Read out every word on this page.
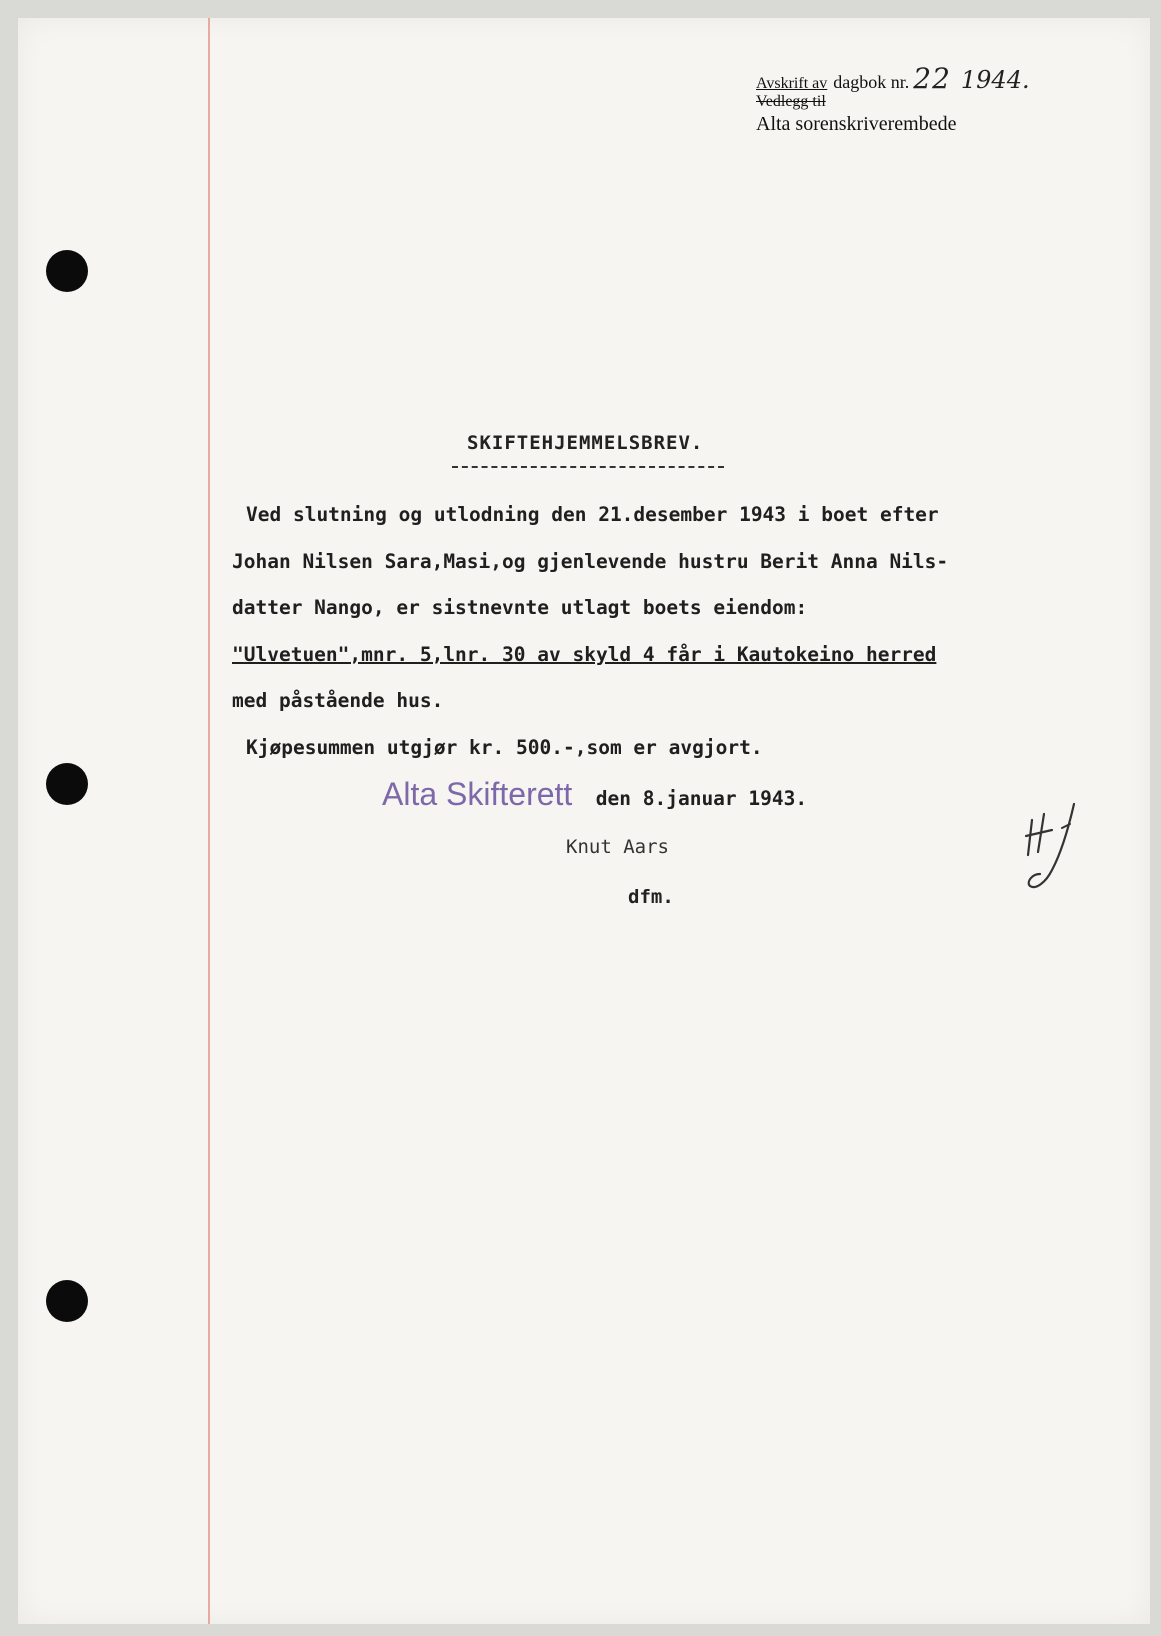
Avskrift av
Vedlegg til
dagbok nr. 22 1944.
Alta sorenskriverembede
SKIFTEHJEMMELSBREV.
Ved slutning og utlodning den 21.desember 1943 i boet efter
Johan Nilsen Sara,Masi,og gjenlevende hustru Berit Anna Nils-
datter Nango, er sistnevnte utlagt boets eiendom:
"Ulvetuen",mnr. 5,lnr. 30 av skyld 4 får i Kautokeino herred
med påstående hus.
Kjøpesummen utgjør kr. 500.-,som er avgjort.
Alta Skifterett den 8.januar 1943.
Knut Aars
dfm.
